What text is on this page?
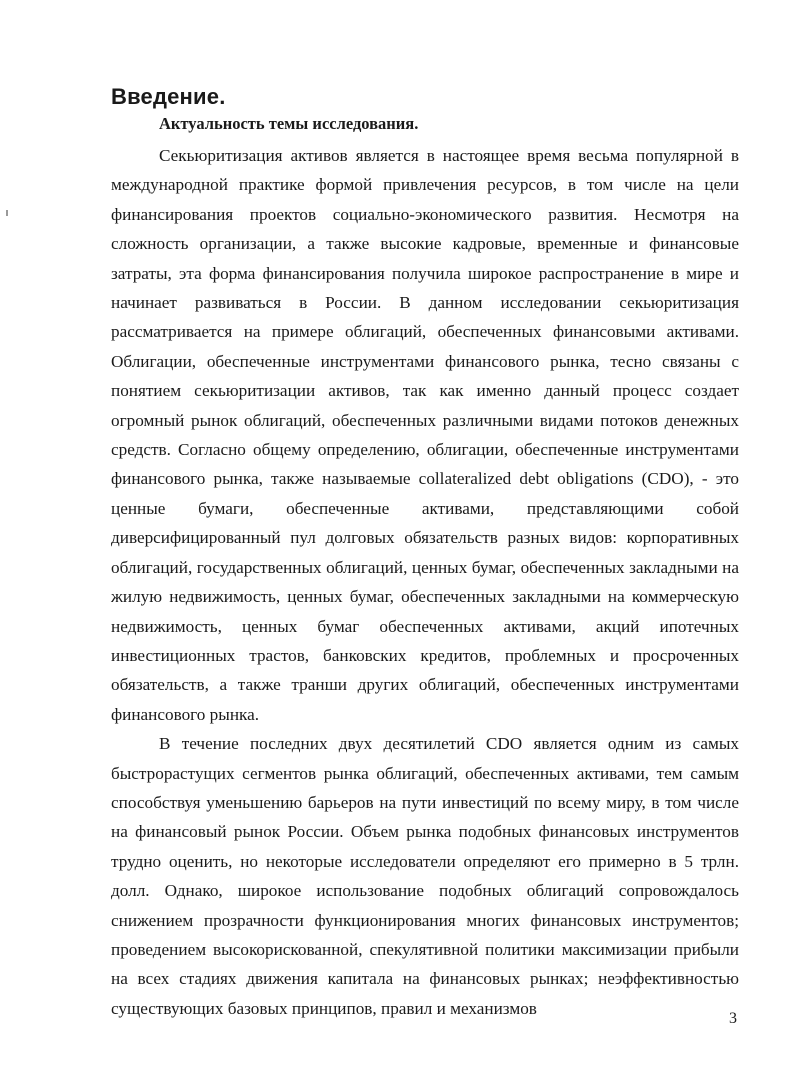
Введение.
Актуальность темы исследования.

Секьюритизация активов является в настоящее время весьма популярной в международной практике формой привлечения ресурсов, в том числе на цели финансирования проектов социально-экономического развития. Несмотря на сложность организации, а также высокие кадровые, временные и финансовые затраты, эта форма финансирования получила широкое распространение в мире и начинает развиваться в России. В данном исследовании секьюритизация рассматривается на примере облигаций, обеспеченных финансовыми активами. Облигации, обеспеченные инструментами финансового рынка, тесно связаны с понятием секьюритизации активов, так как именно данный процесс создает огромный рынок облигаций, обеспеченных различными видами потоков денежных средств. Согласно общему определению, облигации, обеспеченные инструментами финансового рынка, также называемые collateralized debt obligations (CDO), - это ценные бумаги, обеспеченные активами, представляющими собой диверсифицированный пул долговых обязательств разных видов: корпоративных облигаций, государственных облигаций, ценных бумаг, обеспеченных закладными на жилую недвижимость, ценных бумаг, обеспеченных закладными на коммерческую недвижимость, ценных бумаг обеспеченных активами, акций ипотечных инвестиционных трастов, банковских кредитов, проблемных и просроченных обязательств, а также транши других облигаций, обеспеченных инструментами финансового рынка.

В течение последних двух десятилетий CDO является одним из самых быстрорастущих сегментов рынка облигаций, обеспеченных активами, тем самым способствуя уменьшению барьеров на пути инвестиций по всему миру, в том числе на финансовый рынок России. Объем рынка подобных финансовых инструментов трудно оценить, но некоторые исследователи определяют его примерно в 5 трлн. долл. Однако, широкое использование подобных облигаций сопровождалось снижением прозрачности функционирования многих финансовых инструментов; проведением высокорискованной, спекулятивной политики максимизации прибыли на всех стадиях движения капитала на финансовых рынках; неэффективностью существующих базовых принципов, правил и механизмов

3
